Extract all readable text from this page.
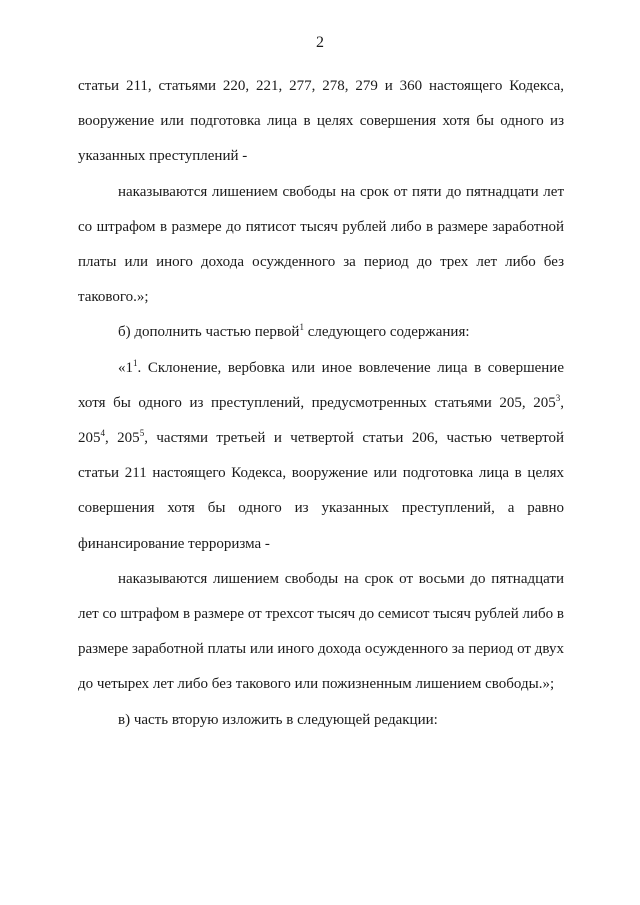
2

статьи 211, статьями 220, 221, 277, 278, 279 и 360 настоящего Кодекса, вооружение или подготовка лица в целях совершения хотя бы одного из указанных преступлений -

наказываются лишением свободы на срок от пяти до пятнадцати лет со штрафом в размере до пятисот тысяч рублей либо в размере заработной платы или иного дохода осужденного за период до трех лет либо без такового.»;

б) дополнить частью первой$^1$ следующего содержания:

«$1^1$. Склонение, вербовка или иное вовлечение лица в совершение хотя бы одного из преступлений, предусмотренных статьями 205, $205^3$, $205^4$, $205^5$, частями третьей и четвертой статьи 206, частью четвертой статьи 211 настоящего Кодекса, вооружение или подготовка лица в целях совершения хотя бы одного из указанных преступлений, а равно финансирование терроризма -

наказываются лишением свободы на срок от восьми до пятнадцати лет со штрафом в размере от трехсот тысяч до семисот тысяч рублей либо в размере заработной платы или иного дохода осужденного за период от двух до четырех лет либо без такового или пожизненным лишением свободы.»;

в) часть вторую изложить в следующей редакции:
